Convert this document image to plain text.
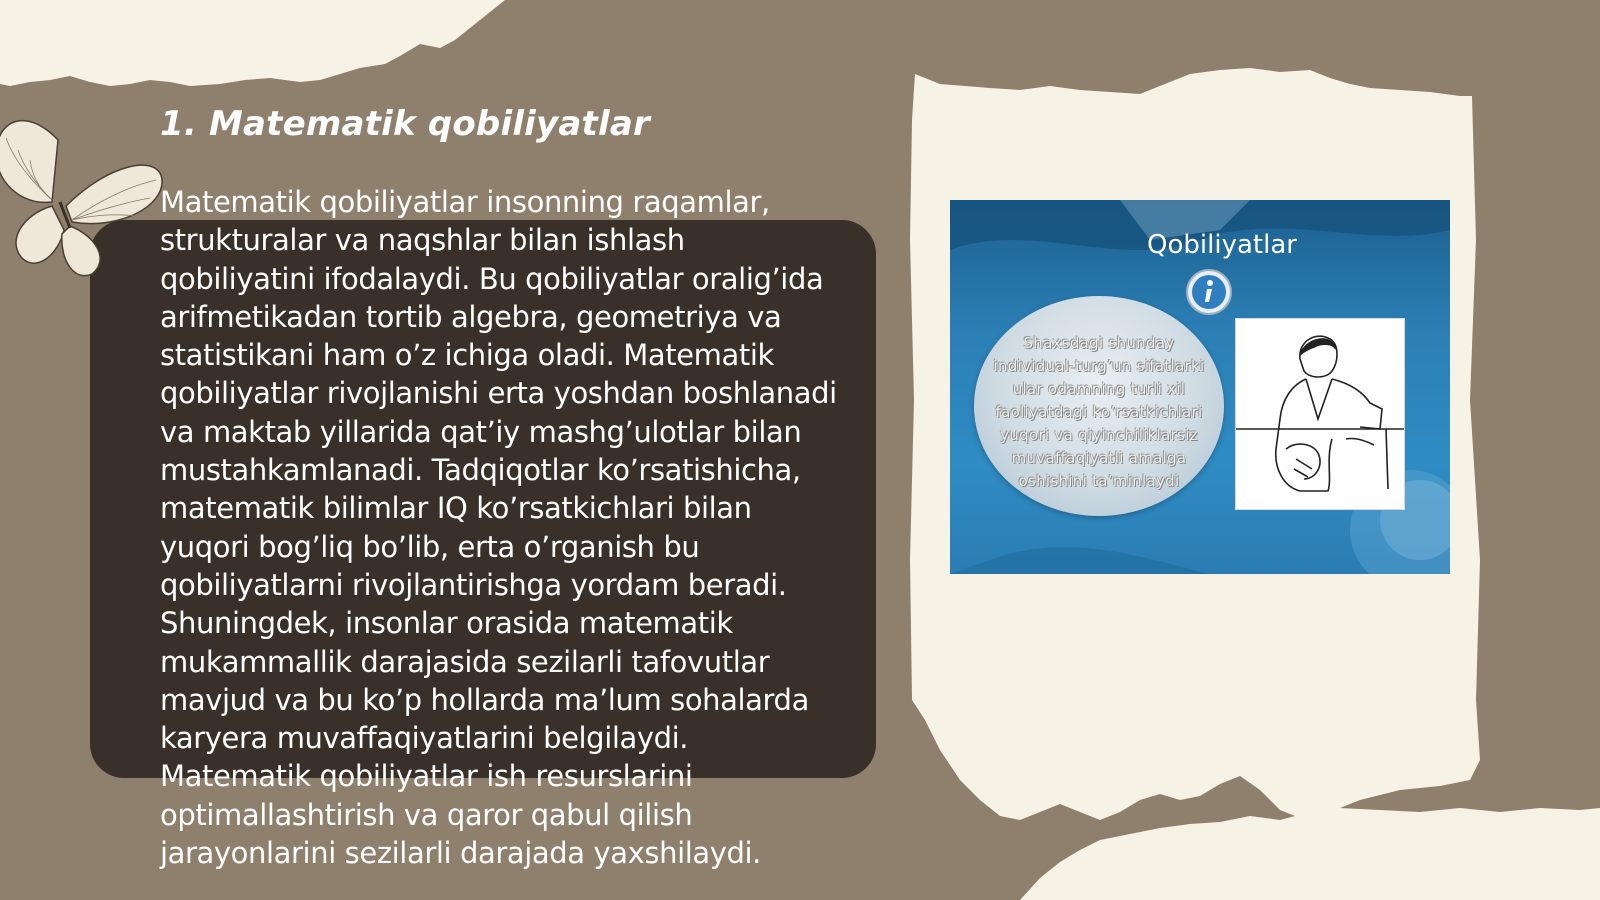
1. Matematik qobiliyatlar

Matematik qobiliyatlar insonning raqamlar, strukturalar va naqshlar bilan ishlash qobiliyatini ifodalaydi. Bu qobiliyatlar oralig’ida arifmetikadan tortib algebra, geometriya va statistikani ham o’z ichiga oladi. Matematik qobiliyatlar rivojlanishi erta yoshdan boshlanadi va maktab yillarida qat’iy mashg’ulotlar bilan mustahkamlanadi. Tadqiqotlar ko’rsatishicha, matematik bilimlar IQ ko’rsatkichlari bilan yuqori bog’liq bo’lib, erta o’rganish bu qobiliyatlarni rivojlantirishga yordam beradi. Shuningdek, insonlar orasida matematik mukammallik darajasida sezilarli tafovutlar mavjud va bu ko’p hollarda ma’lum sohalarda karyera muvaffaqiyatlarini belgilaydi. Matematik qobiliyatlar ish resurslarini optimallashtirish va qaror qabul qilish jarayonlarini sezilarli darajada yaxshilaydi.

Qobiliyatlar
Shaxsdagi shunday individual-turg’un sifatlarki ular odamning turli xil faoliyatdagi ko’rsatkichlari yuqori va qiyinchiliklarsiz muvaffaqiyatli amalga oshishini ta’minlaydi
